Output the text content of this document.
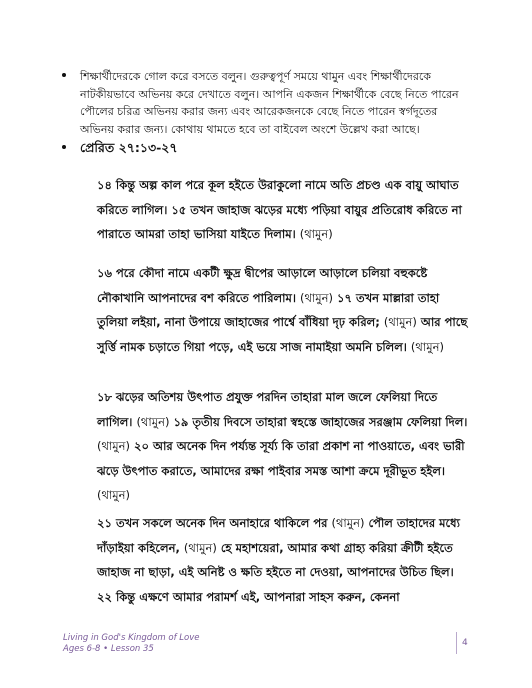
শিক্ষার্থীদেরকে গোল করে বসতে বলুন। গুরুত্বপূর্ণ সময়ে থামুন এবং শিক্ষার্থীদেরকে নাটকীয়ভাবে অভিনয় করে দেখাতে বলুন। আপনি একজন শিক্ষার্থীকে বেছে নিতে পারেন পৌলের চরিত্র অভিনয় করার জন্য এবং আরেকজনকে বেছে নিতে পারেন স্বর্গদূতের অভিনয় করার জন্য। কোথায় থামতে হবে তা বাইবেল অংশে উল্লেখ করা আছে।
প্রেরিত ২৭:১৩-২৭
১৪ কিন্তু অল্প কাল পরে কূল হইতে উরাকুলো নামে অতি প্রচণ্ড এক বায়ু আঘাত করিতে লাগিল। ১৫ তখন জাহাজ ঝড়ের মধ্যে পড়িয়া বায়ুর প্রতিরোধ করিতে না পারাতে আমরা তাহা ভাসিয়া যাইতে দিলাম। (থামুন)
১৬ পরে কৌদা নামে একটী ক্ষুদ্র দ্বীপের আড়ালে আড়ালে চলিয়া বহুকষ্টে নৌকাখানি আপনাদের বশ করিতে পারিলাম। (থামুন) ১৭ তখন মাল্লারা তাহা তুলিয়া লইয়া, নানা উপায়ে জাহাজের পার্শ্বে বাঁধিয়া দৃঢ় করিল; (থামুন) আর পাছে সুর্ত্তি নামক চড়াতে গিয়া পড়ে, এই ভয়ে সাজ নামাইয়া অমনি চলিল। (থামুন)
১৮ ঝড়ের অতিশয় উৎপাত প্রযুক্ত পরদিন তাহারা মাল জলে ফেলিয়া দিতে লাগিল। (থামুন) ১৯ তৃতীয় দিবসে তাহারা স্বহস্তে জাহাজের সরঞ্জাম ফেলিয়া দিল। (থামুন) ২০ আর অনেক দিন পর্য্যন্ত সূর্য্য কি তারা প্রকাশ না পাওয়াতে, এবং ভারী ঝড়ে উৎপাত করাতে, আমাদের রক্ষা পাইবার সমস্ত আশা ক্রমে দূরীভূত হইল। (থামুন)
২১ তখন সকলে অনেক দিন অনাহারে থাকিলে পর (থামুন) পৌল তাহাদের মধ্যে দাঁড়াইয়া কহিলেন, (থামুন) হে মহাশয়েরা, আমার কথা গ্রাহ্য করিয়া ক্রীটী হইতে জাহাজ না ছাড়া, এই অনিষ্ট ও ক্ষতি হইতে না দেওয়া, আপনাদের উচিত ছিল। ২২ কিন্তু এক্ষণে আমার পরামর্শ এই, আপনারা সাহস করুন, কেননা
Living in God's Kingdom of Love
Ages 6-8 • Lesson 35
4
